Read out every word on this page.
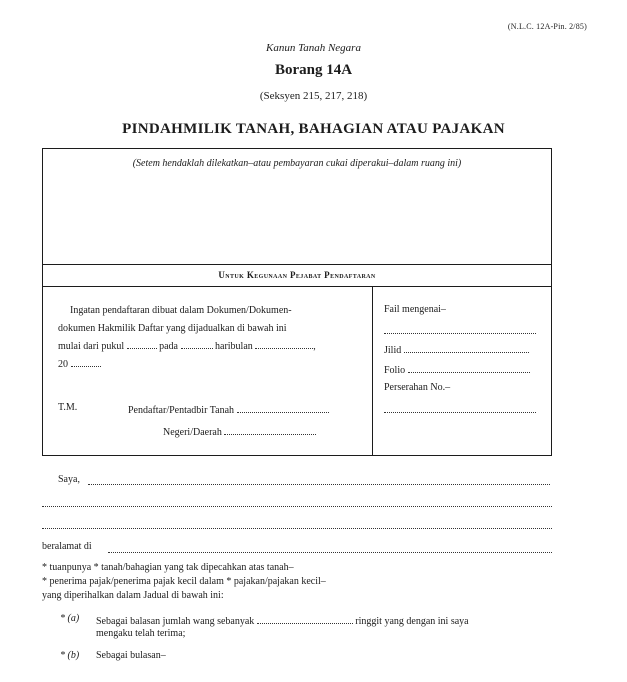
(N.L.C. 12A-Pin. 2/85)
Kanun Tanah Negara
Borang 14A
(Seksyen 215, 217, 218)
PINDAHMILIK TANAH, BAHAGIAN ATAU PAJAKAN
(Setem hendaklah dilekatkan–atau pembayaran cukai diperakui–dalam ruang ini)
Untuk Kegunaan Pejabat Pendaftaran
Ingatan pendaftaran dibuat dalam Dokumen/Dokumen-
dokumen Hakmilik Daftar yang dijadualkan di bawah ini
mulai dari pukul	pada	haribulan	,
20
T.M.	Pendaftar/Pentadbir Tanah
Negeri/Daerah
Fail mengenai–
Jilid
Folio
Perserahan No.–
Saya,
beralamat di
* tuanpunya * tanah/bahagian yang tak dipecahkan atas tanah–
* penerima pajak/penerima pajak kecil dalam * pajakan/pajakan kecil–
yang diperihalkan dalam Jadual di bawah ini:
* (a) Sebagai balasan jumlah wang sebanyak	ringgit yang dengan ini saya
mengaku telah terima;
* (b) Sebagai bulasan–
